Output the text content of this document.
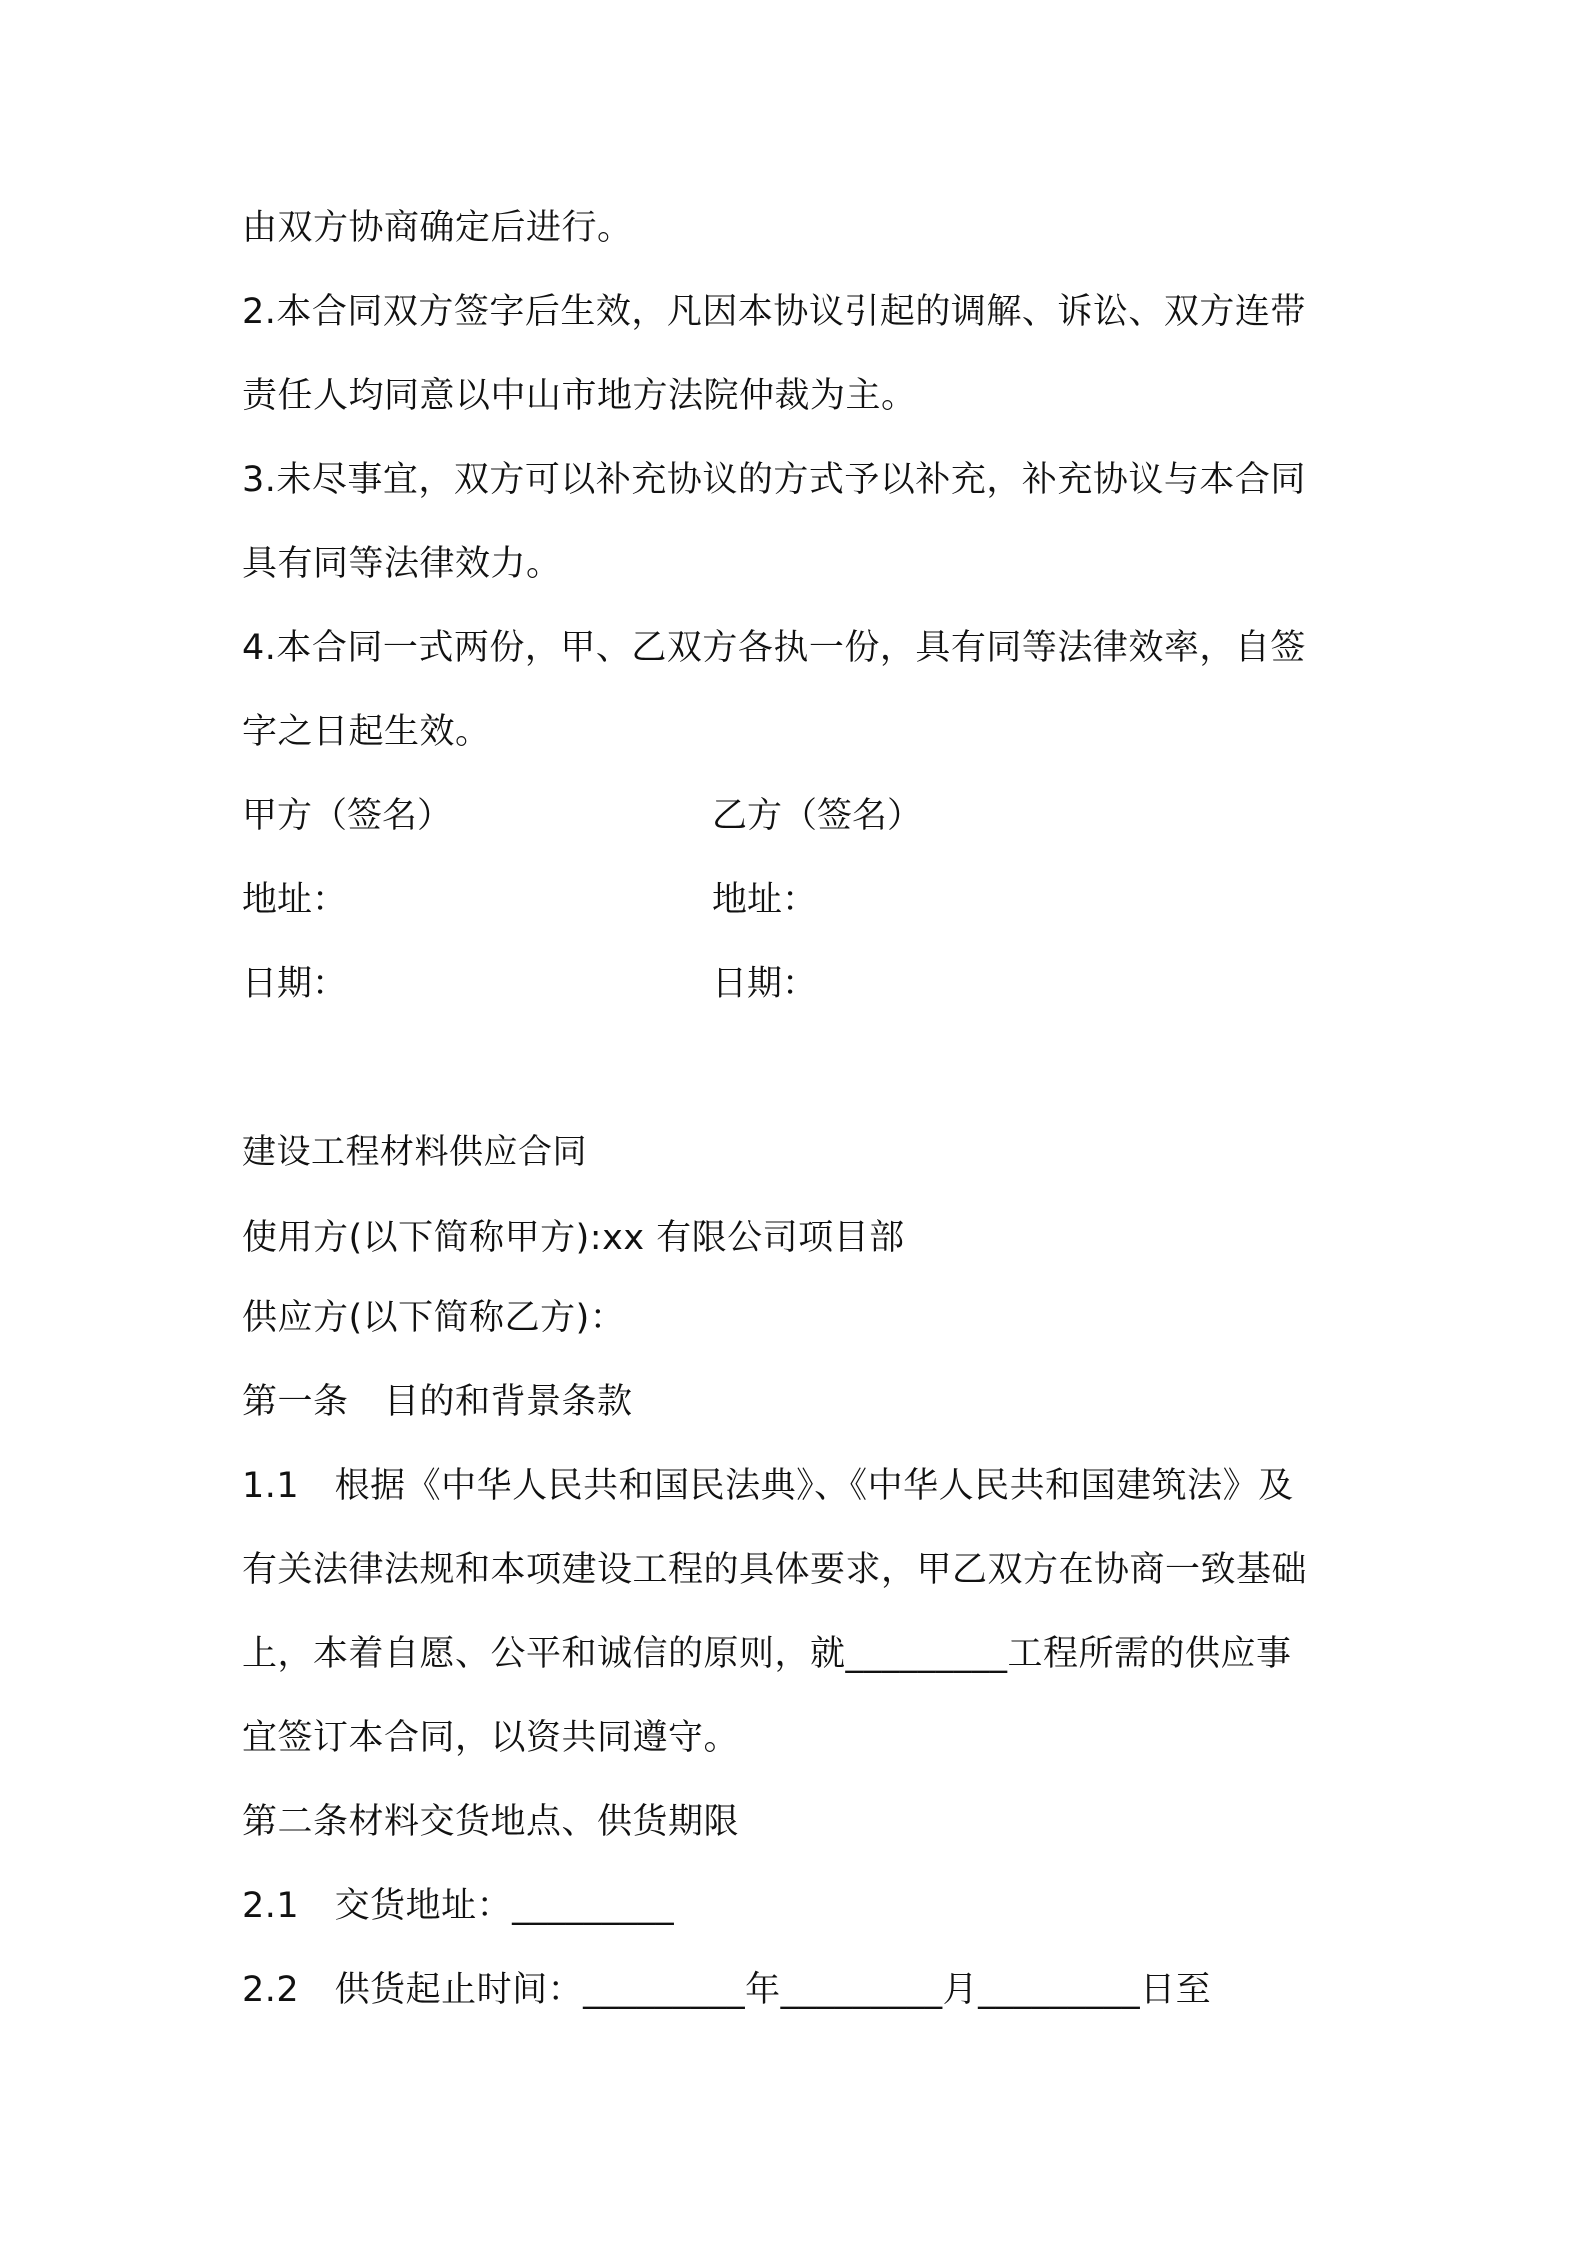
由双方协商确定后进行。
2.本合同双方签字后生效，凡因本协议引起的调解、诉讼、双方连带
责任人均同意以中山市地方法院仲裁为主。
3.未尽事宜，双方可以补充协议的方式予以补充，补充协议与本合同
具有同等法律效力。
4.本合同一式两份，甲、乙双方各执一份，具有同等法律效率，自签
字之日起生效。
甲方（签名）	乙方（签名）
地址：	地址：
日期：	日期：
建设工程材料供应合同
使用方(以下简称甲方):xx 有限公司项目部
供应方(以下简称乙方)：
第一条　目的和背景条款
1.1　根据《中华人民共和国民法典》、《中华人民共和国建筑法》及
有关法律法规和本项建设工程的具体要求，甲乙双方在协商一致基础
上，本着自愿、公平和诚信的原则，就_________工程所需的供应事
宜签订本合同，以资共同遵守。
第二条材料交货地点、供货期限
2.1　交货地址：_________
2.2　供货起止时间：_________年_________月_________日至
